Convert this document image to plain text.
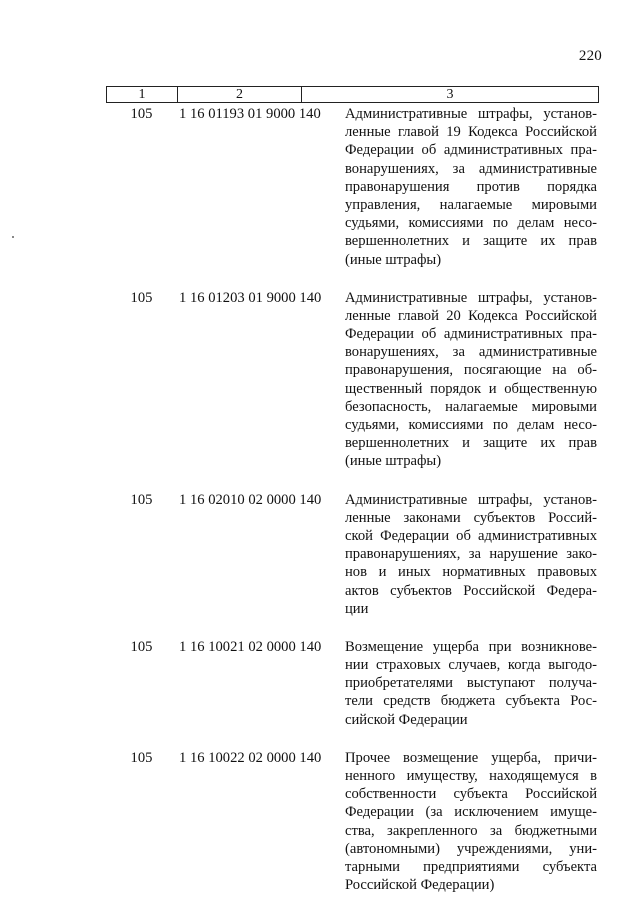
220
1	2	3
105	1 16 01193 01 9000 140 Административные штрафы, установ-
ленные главой 19 Кодекса Российской
Федерации об административных пра-
вонарушениях, за административные
правонарушения против порядка
управления, налагаемые мировыми
судьями, комиссиями по делам несо-
вершеннолетних и защите их прав
(иные штрафы)
105	1 16 01203 01 9000 140 Административные штрафы, установ-
ленные главой 20 Кодекса Российской
Федерации об административных пра-
вонарушениях, за административные
правонарушения, посягающие на об-
щественный порядок и общественную
безопасность, налагаемые мировыми
судьями, комиссиями по делам несо-
вершеннолетних и защите их прав
(иные штрафы)
105	1 16 02010 02 0000 140 Административные штрафы, установ-
ленные законами субъектов Россий-
ской Федерации об административных
правонарушениях, за нарушение зако-
нов и иных нормативных правовых
актов субъектов Российской Федера-
ции
105	1 16 10021 02 0000 140 Возмещение ущерба при возникнове-
нии страховых случаев, когда выгодо-
приобретателями выступают получа-
тели средств бюджета субъекта Рос-
сийской Федерации
105	1 16 10022 02 0000 140 Прочее возмещение ущерба, причи-
ненного имуществу, находящемуся в
собственности субъекта Российской
Федерации (за исключением имуще-
ства, закрепленного за бюджетными
(автономными) учреждениями, уни-
тарными предприятиями субъекта
Российской Федерации)
